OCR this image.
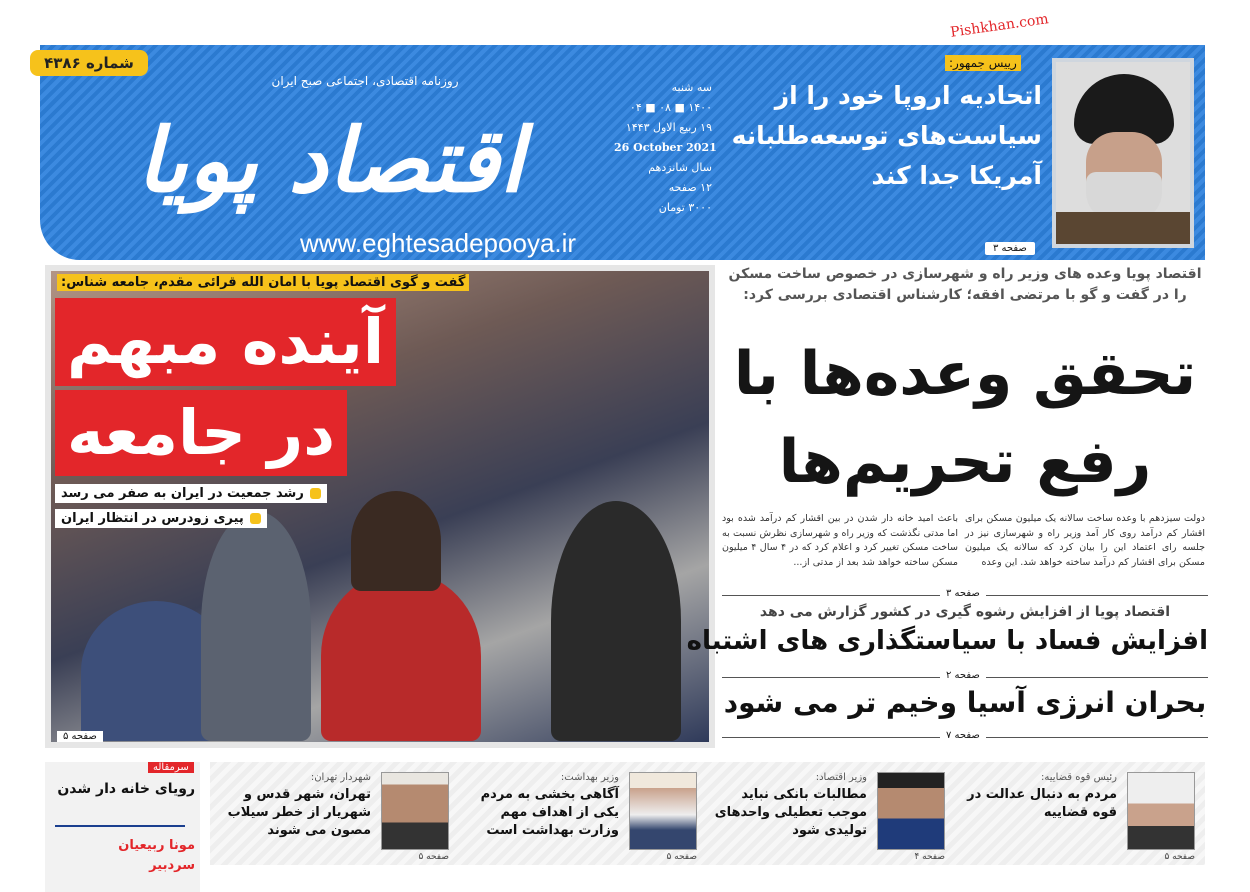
شماره ۴۳۸۶
اقتصاد پویا
روزنامه اقتصادی، اجتماعی صبح ایران
www.eghtesadepooya.ir
سه شنبه
۱۴۰۰ ■ ۰۸ ■ ۰۴
۱۹ ربیع الاول ۱۴۴۳
26 October 2021
سال شانزدهم
۱۲ صفحه
۳۰۰۰ تومان
رییس جمهور:
اتحادیه اروپا خود را از سیاست‌های توسعه‌طلبانه آمریکا جدا کند
صفحه ۳
Pishkhan.com
گفت و گوی اقتصاد پویا با امان الله قرائی مقدم، جامعه شناس:
آینده مبهم
در جامعه
رشد جمعیت در ایران به صفر می رسد
پیری زودرس در انتظار ایران
صفحه ۵
اقتصاد پویا وعده های وزیر راه و شهرسازی در خصوص ساخت مسکن را در گفت و گو با مرتضی افقه؛ کارشناس اقتصادی بررسی کرد:
تحقق وعده‌ها با رفع تحریم‌ها
دولت سیزدهم با وعده ساخت سالانه یک میلیون مسکن برای اقشار کم درآمد روی کار آمد وزیر راه و شهرسازی نیز در جلسه رای اعتماد این را بیان کرد که سالانه یک میلیون مسکن برای اقشار کم درآمد ساخته خواهد شد. این وعده
باعث امید خانه دار شدن در بین اقشار کم درآمد شده بود اما مدتی نگذشت که وزیر راه و شهرسازی نظرش نسبت به ساخت مسکن تغییر کرد و اعلام کرد که در ۴ سال ۴ میلیون مسکن ساخته خواهد شد بعد از مدتی از...
صفحه ۳
اقتصاد پویا از افزایش رشوه گیری در کشور گزارش می دهد
افزایش فساد با سیاستگذاری های اشتباه
صفحه ۲
بحران انرژی آسیا وخیم تر می شود
صفحه ۷
رئیس قوه قضاییه:
مردم به دنبال عدالت در قوه قضاییه
صفحه ۵
وزیر اقتصاد:
مطالبات بانکی نباید موجب تعطیلی واحدهای تولیدی شود
صفحه ۴
وزیر بهداشت:
آگاهی بخشی به مردم یکی از اهداف مهم وزارت بهداشت است
صفحه ۵
شهردار تهران:
تهران، شهر قدس و شهریار از خطر سیلاب مصون می شوند
صفحه ۵
سرمقاله
رویای خانه دار شدن
مونا ربیعیان
سردبیر
